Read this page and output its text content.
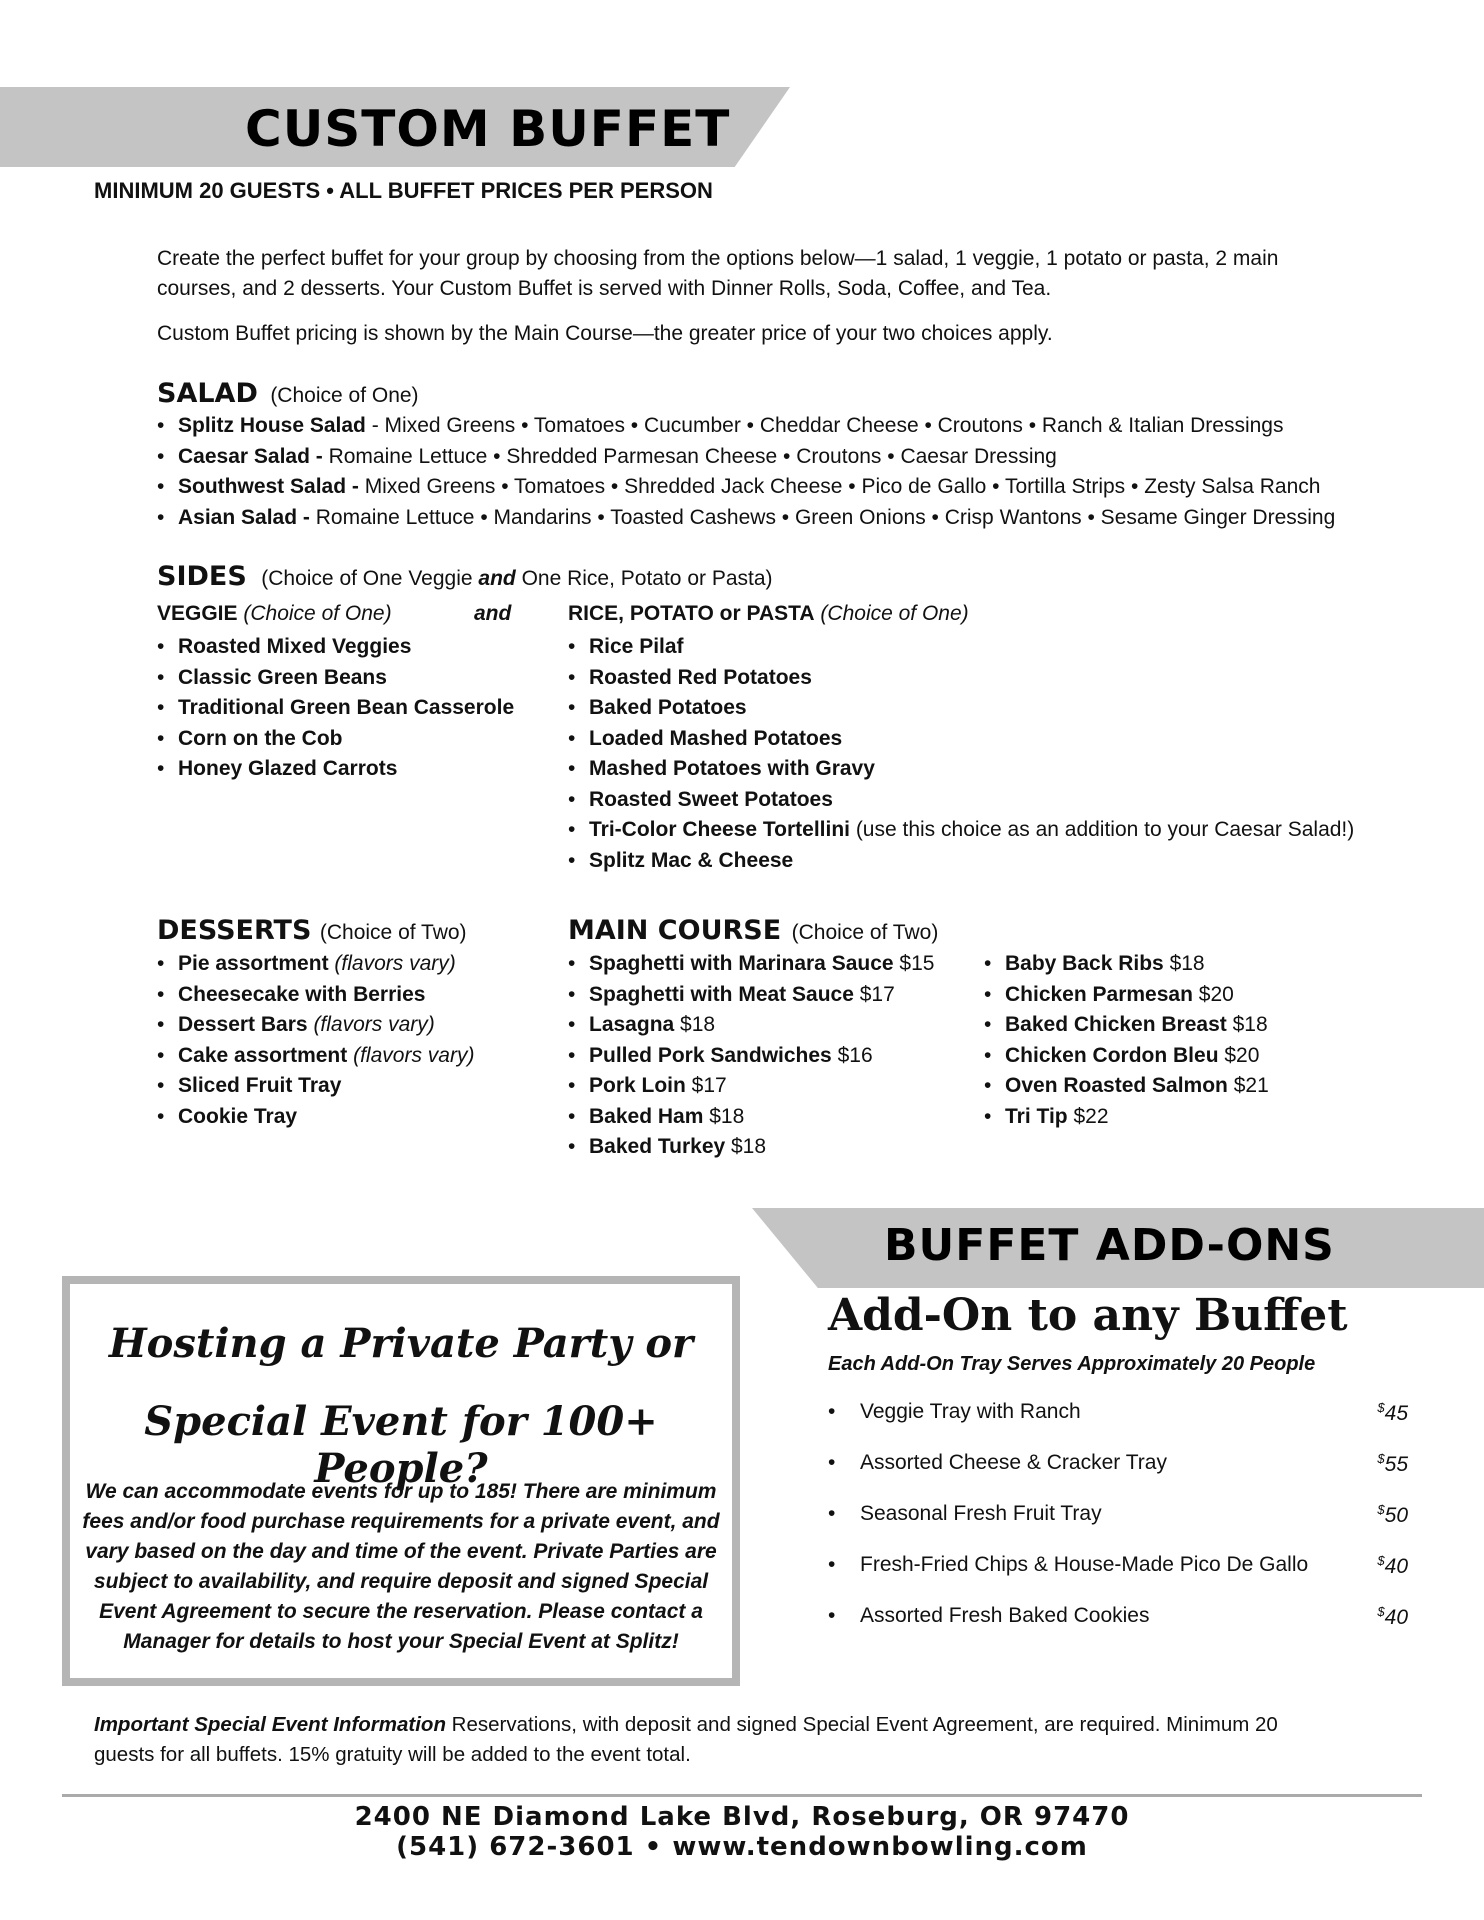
CUSTOM BUFFET
MINIMUM 20 GUESTS • ALL BUFFET PRICES PER PERSON
Create the perfect buffet for your group by choosing from the options below—1 salad, 1 veggie, 1 potato or pasta, 2 main
courses, and 2 desserts. Your Custom Buffet is served with Dinner Rolls, Soda, Coffee, and Tea.
Custom Buffet pricing is shown by the Main Course—the greater price of your two choices apply.
SALAD (Choice of One)
• Splitz House Salad - Mixed Greens • Tomatoes • Cucumber • Cheddar Cheese • Croutons • Ranch & Italian Dressings
• Caesar Salad - Romaine Lettuce • Shredded Parmesan Cheese • Croutons • Caesar Dressing
• Southwest Salad - Mixed Greens • Tomatoes • Shredded Jack Cheese • Pico de Gallo • Tortilla Strips • Zesty Salsa Ranch
• Asian Salad - Romaine Lettuce • Mandarins • Toasted Cashews • Green Onions • Crisp Wantons • Sesame Ginger Dressing
SIDES (Choice of One Veggie and One Rice, Potato or Pasta)
VEGGIE (Choice of One)	and
• Roasted Mixed Veggies
• Classic Green Beans
• Traditional Green Bean Casserole
• Corn on the Cob
• Honey Glazed Carrots
RICE, POTATO or PASTA (Choice of One)
• Rice Pilaf
• Roasted Red Potatoes
• Baked Potatoes
• Loaded Mashed Potatoes
• Mashed Potatoes with Gravy
• Roasted Sweet Potatoes
• Tri-Color Cheese Tortellini (use this choice as an addition to your Caesar Salad!)
• Splitz Mac & Cheese
DESSERTS (Choice of Two)
• Pie assortment (flavors vary)
• Cheesecake with Berries
• Dessert Bars (flavors vary)
• Cake assortment (flavors vary)
• Sliced Fruit Tray
• Cookie Tray
MAIN COURSE (Choice of Two)
• Spaghetti with Marinara Sauce $15
• Spaghetti with Meat Sauce $17
• Lasagna $18
• Pulled Pork Sandwiches $16
• Pork Loin $17
• Baked Ham $18
• Baked Turkey $18
• Baby Back Ribs $18
• Chicken Parmesan $20
• Baked Chicken Breast $18
• Chicken Cordon Bleu $20
• Oven Roasted Salmon $21
• Tri Tip $22
Hosting a Private Party or
Special Event for 100+ People?
We can accommodate events for up to 185! There are minimum
fees and/or food purchase requirements for a private event, and
vary based on the day and time of the event. Private Parties are
subject to availability, and require deposit and signed Special
Event Agreement to secure the reservation. Please contact a
Manager for details to host your Special Event at Splitz!
BUFFET ADD-ONS
Add-On to any Buffet
Each Add-On Tray Serves Approximately 20 People
• Veggie Tray with Ranch	$45
• Assorted Cheese & Cracker Tray	$55
• Seasonal Fresh Fruit Tray	$50
• Fresh-Fried Chips & House-Made Pico De Gallo	$40
• Assorted Fresh Baked Cookies	$40
Important Special Event Information Reservations, with deposit and signed Special Event Agreement, are required. Minimum 20
guests for all buffets. 15% gratuity will be added to the event total.
2400 NE Diamond Lake Blvd, Roseburg, OR 97470
(541) 672-3601 • www.tendownbowling.com
